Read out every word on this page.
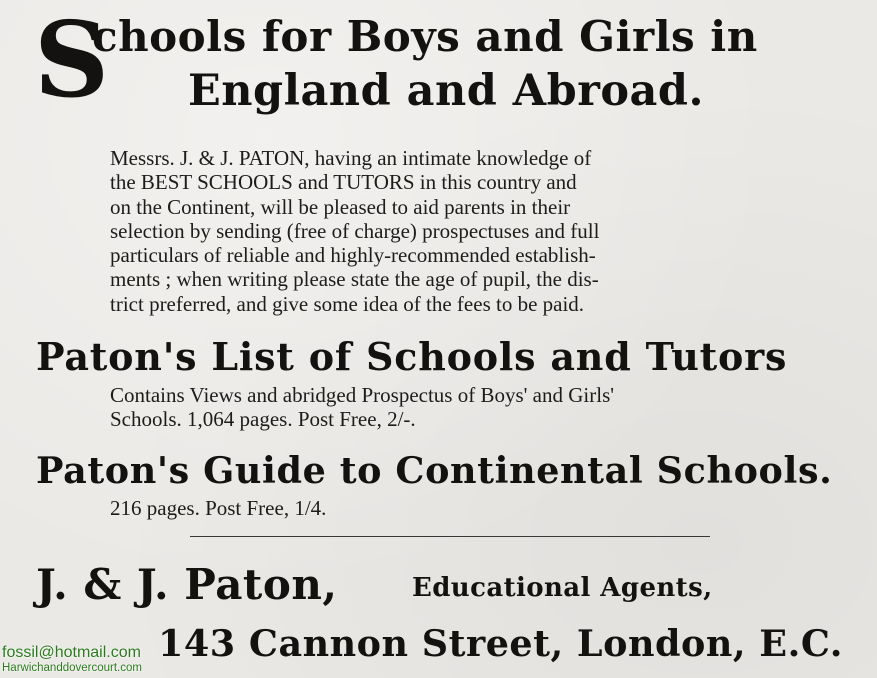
S
chools for Boys and Girls in
England and Abroad.
Messrs. J. & J. PATON, having an intimate knowledge of
the BEST SCHOOLS and TUTORS in this country and
on the Continent, will be pleased to aid parents in their
selection by sending (free of charge) prospectuses and full
particulars of reliable and highly-recommended establish-
ments ; when writing please state the age of pupil, the dis-
trict preferred, and give some idea of the fees to be paid.
Paton's List of Schools and Tutors
Contains Views and abridged Prospectus of Boys' and Girls'
Schools. 1,064 pages. Post Free, 2/-.
Paton's Guide to Continental Schools.
216 pages. Post Free, 1/4.
J. & J. Paton,	Educational Agents,
143 Cannon Street, London, E.C.
fossil@hotmail.com
Harwichanddovercourt.com
